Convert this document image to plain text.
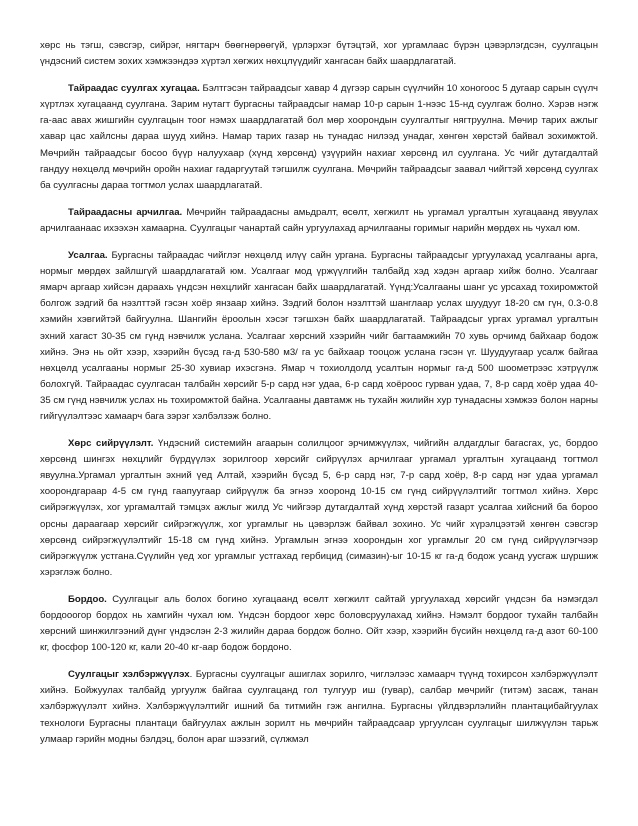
хөрс нь тэгш, сэвсгэр, сийрэг, нягтарч бөөгнөрөөгүй, үрлэрхэг бүтэцтэй, хог ургамлаас бүрэн цэвэрлэгдсэн, суулгацын үндэсний систем зохих хэмжээндээ хүртэл хөгжих нөхцлүүдийг хангасан байх шаардлагатай.

Тайраадас суулгах хугацаа. Бэлтгэсэн тайраадсыг хавар 4 дүгээр сарын сүүлчийн 10 хоногоос 5 дугаар сарын сүүлч хүртлэх хугацаанд суулгана. Зарим нутагт бургасны тайраадсыг намар 10-р сарын 1-нээс 15-нд суулгаж болно. Хэрэв нэгж га-аас авах жишгийн суулгацын тоог нэмэх шаардлагатай бол мөр хоорондын суулгалтыг нягтруулна. Мөчир тарих ажлыг хавар цас хайлсны дараа шууд хийнэ. Намар тарих газар нь тунадас нилээд унадаг, хөнгөн хөрстэй байвал зохимжтой. Мөчрийн тайраадсыг босоо бүүр налуухаар (хүнд хөрсөнд) үзүүрийн нахиаг хөрсөнд ил суулгана. Ус чийг дутагдалтай гандуу нөхцөлд мөчрийн оройн нахиаг гадаргуутай тэгшилж суулгана. Мөчрийн тайраадсыг заавал чийгтэй хөрсөнд суулгах ба суулгасны дараа тогтмол услах шаардлагатай.

Тайраадасны арчилгаа. Мөчрийн тайраадасны амьдралт, өсөлт, хөгжилт нь ургамал ургалтын хугацаанд явуулах арчилгаанаас ихээхэн хамаарна. Суулгацыг чанартай сайн ургуулахад арчилгааны горимыг нарийн мөрдөх нь чухал юм.

Усалгаа. Бургасны тайраадас чийглэг нөхцөлд илүү сайн ургана. Бургасны тайраадсыг ургуулахад усалгааны арга, нормыг мөрдөх зайлшгүй шаардлагатай юм. Усалгааг мод үржүүлгийн талбайд хэд хэдэн аргаар хийж болно. Усалгааг ямарч аргаар хийсэн дараахь үндсэн нөхцлийг хангасан байх шаардлагатай. Үүнд:Усалгааны шанг ус урсахад тохиромжтой болгож зэдгий ба нэзлттэй гэсэн хоёр янзаар хийнэ. Зэдгий болон нэзлттэй шанглаар услах шуудууг 18-20 см гүн, 0.3-0.8 хэмийн хэвгийтэй байгуулна. Шангийн ёроолын хэсэг тэгшхэн байх шаардлагатай. Тайраадсыг ургах ургамал ургалтын эхний хагаст 30-35 см гүнд нэвчилж услана. Усалгааг хөрсний хээрийн чийг багтаамжийн 70 хувь орчимд байхаар бодож хийнэ. Энэ нь ойт хээр, хээрийн бүсэд га-д 530-580 м3/ га ус байхаар тооцож услана гэсэн үг. Шуудуугаар усалж байгаа нөхцөлд усалгааны нормыг 25-30 хувиар ихэсгэнэ. Ямар ч тохиолдолд усалтын нормыг га-д 500 шоометрээс хэтрүүлж болохгүй. Тайраадас суулгасан талбайн хөрсийг 5-р сард нэг удаа, 6-р сард хоёроос гурван удаа, 7, 8-р сард хоёр удаа 40-35 см гүнд нэвчилж услах нь тохиромжтой байна. Усалгааны давтамж нь тухайн жилийн хур тунадасны хэмжээ болон нарны гийгүүлэлтээс хамаарч бага зэрэг хэлбэлзэж болно.

Хөрс сийрүүлэлт. Үндэсний системийн агаарын солилцоог эрчимжүүлэх, чийгийн алдагдлыг багасгах, ус, бордоо хөрсөнд шингэх нөхцлийг бүрдүүлэх зорилгоор хөрсийг сийрүүлэх арчилгааг ургамал ургалтын хугацаанд тогтмол явуулна.Ургамал ургалтын эхний үед Алтай, хээрийн бүсэд 5, 6-р сард нэг, 7-р сард хоёр, 8-р сард нэг удаа ургамал хоорондгараар 4-5 см гүнд гаапуугаар сийрүүлж ба эгнээ хооронд 10-15 см гүнд сийрүүлэлтийг тогтмол хийнэ. Хөрс сийрэгжүүлэх, хог ургамалтай тэмцэх ажлыг жилд Ус чийгээр дутагдалтай хүнд хөрстэй газарт усалгаа хийсний ба бороо орсны дараагаар хөрсийг сийрэгжүүлж, хог ургамлыг нь цэвэрлэж байвал зохино. Ус чийг хүрэлцээтэй хөнгөн сэвсгэр хөрсөнд сийрэгжүүлэлтийг 15-18 см гүнд хийнэ. Ургамлын эгнээ хоорондын хог ургамлыг 20 см гүнд сийрүүлэгчээр сийрэгжүүлж устгана.Сүүлийн үед хог ургамлыг устгахад гербицид (симазин)-ыг 10-15 кг га-д бодож усанд уусгаж шүршиж хэрэглэж болно.

Бордоо. Суулгацыг аль болох богино хугацаанд өсөлт хөгжилт сайтай ургуулахад хөрсийг үндсэн ба нэмэгдэл бордооогор бордох нь хамгийн чухал юм. Үндсэн бордоог хөрс боловсруулахад хийнэ. Нэмэлт бордоог тухайн талбайн хөрсний шинжилгээний дүнг үндэслэн 2-3 жилийн дараа бордож болно. Ойт хээр, хээрийн бүсийн нөхцөлд га-д азот 60-100 кг, фосфор 100-120 кг, кали 20-40 кг-аар бодож бордоно.

Суулгацыг хэлбэржүүлэх. Бургасны суулгацыг ашиглах зорилго, чиглэлээс хамаарч түүнд тохирсон хэлбэржүүлэлт хийнэ. Бойжуулах талбайд ургуулж байгаа суулгацанд гол тулгуур иш (гувар), салбар мөчрийг (титэм) засаж, танан хэлбэржүүлэлт хийнэ. Хэлбэржүүлэлтийг ишний ба титмийн гэж ангилна. Бургасны үйлдвэрлэлийн плантацибайгуулах технологи Бургасны плантаци байгуулах ажлын зорилт нь мөчрийн тайраадсаар ургуулсан суулгацыг шилжүүлэн тарьж улмаар гэрийн модны бэлдэц, болон араг шээзгий, сүлжмэл
